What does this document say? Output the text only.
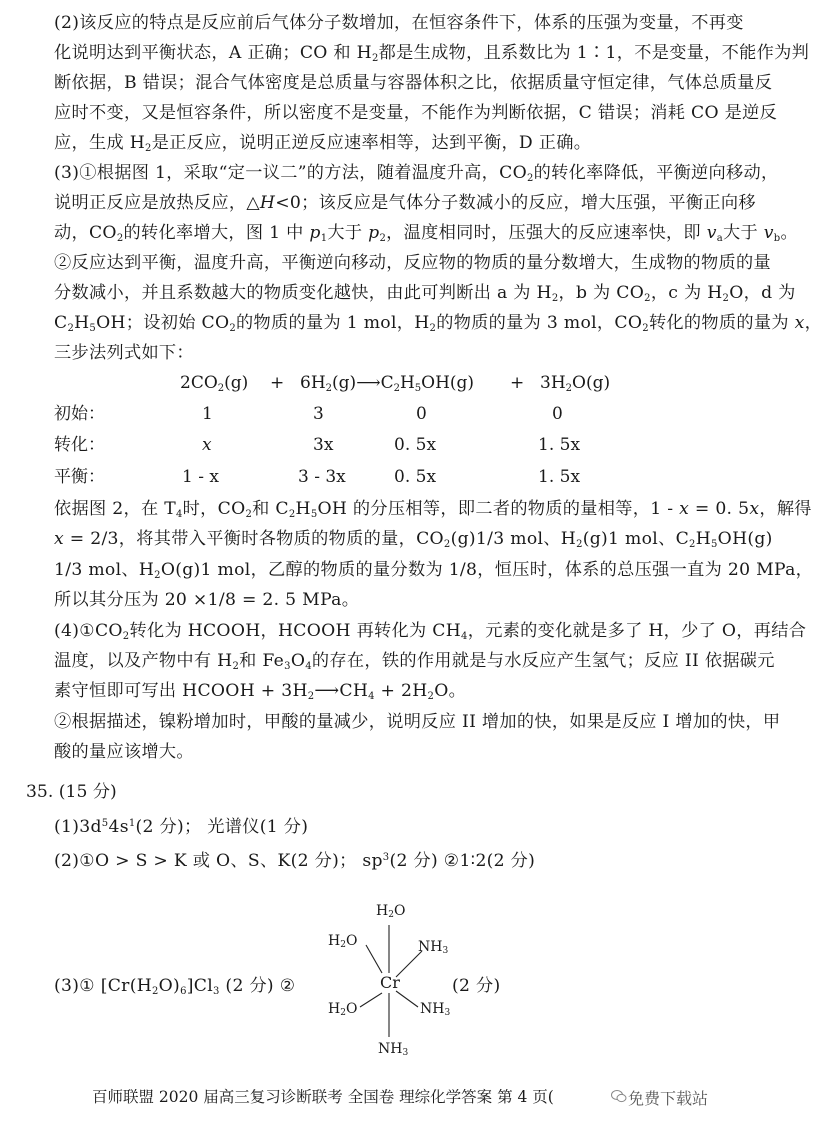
(2)该反应的特点是反应前后气体分子数增加，在恒容条件下，体系的压强为变量，不再变
化说明达到平衡状态，A 正确；CO 和 $H_2$都是生成物，且系数比为 1∶1，不是变量，不能作为判
断依据，B 错误；混合气体密度是总质量与容器体积之比，依据质量守恒定律，气体总质量反
应时不变，又是恒容条件，所以密度不是变量，不能作为判断依据，C 错误；消耗 CO 是逆反
应，生成 $H_2$是正反应，说明正逆反应速率相等，达到平衡，D 正确。
(3)①根据图 1，采取“定一议二”的方法，随着温度升高，$CO_2$的转化率降低，平衡逆向移动，
说明正反应是放热反应，△H<0；该反应是气体分子数减小的反应，增大压强，平衡正向移
动，$CO_2$的转化率增大，图 1 中 $p_1$大于 $p_2$，温度相同时，压强大的反应速率快，即 $v_a$大于 $v_b$。
②反应达到平衡，温度升高，平衡逆向移动，反应物的物质的量分数增大，生成物的物质的量
分数减小，并且系数越大的物质变化越快，由此可判断出 a 为 $H_2$，b 为 $CO_2$，c 为 $H_2O$，d 为
$C_2H_5OH$；设初始 $CO_2$的物质的量为 1 mol，$H_2$的物质的量为 3 mol，$CO_2$转化的物质的量为 x，
三步法列式如下：
$2CO_2(g)$ + $6H_2(g)⟶C_2H_5OH(g) + 3H_2O(g)$
初始：	1	3	0	0
转化：	x	3x	0. 5x	1. 5x
平衡：	1 - x	3 - 3x	0. 5x	1. 5x
依据图 2，在 $T_4$时，$CO_2$和 $C_2H_5OH$ 的分压相等，即二者的物质的量相等，1 - x = 0. 5x，解得
x = 2/3，将其带入平衡时各物质的物质的量，$CO_2(g)1/3$ mol、$H_2(g)1$ mol、$C_2H_5OH(g)$
1/3 mol、$H_2O(g)1$ mol，乙醇的物质的量分数为 1/8，恒压时，体系的总压强一直为 20 MPa，
所以其分压为 20 ×1/8 = 2. 5 MPa。
$(4)①CO_2$转化为 HCOOH，HCOOH 再转化为 $CH_4$，元素的变化就是多了 H，少了 O，再结合
温度，以及产物中有 $H_2$和 $Fe_3O_4$的存在，铁的作用就是与水反应产生氢气；反应 II 依据碳元
素守恒即可写出 HCOOH + $3H_2⟶CH_4 + 2H_2O$。
②根据描述，镍粉增加时，甲酸的量减少，说明反应 II 增加的快，如果是反应 I 增加的快，甲
酸的量应该增大。
35. (15 分)
$(1)3d^54s^1(2$ 分)； 光谱仪(1 分)
(2)①O > S > K 或 O、S、K(2 分)； $sp^3(2$ 分) ②1∶2(2 分)
(3)① $[Cr(H_2O)_6]Cl_3$ (2 分) ②	(2 分)
$H_2O$
$H_2O$	$NH_3$
Cr
$H_2O$	$NH_3$
$NH_3$
百师联盟 2020 届高三复习诊断联考 全国卷 理综化学答案 第 4 页(	免费下载站
